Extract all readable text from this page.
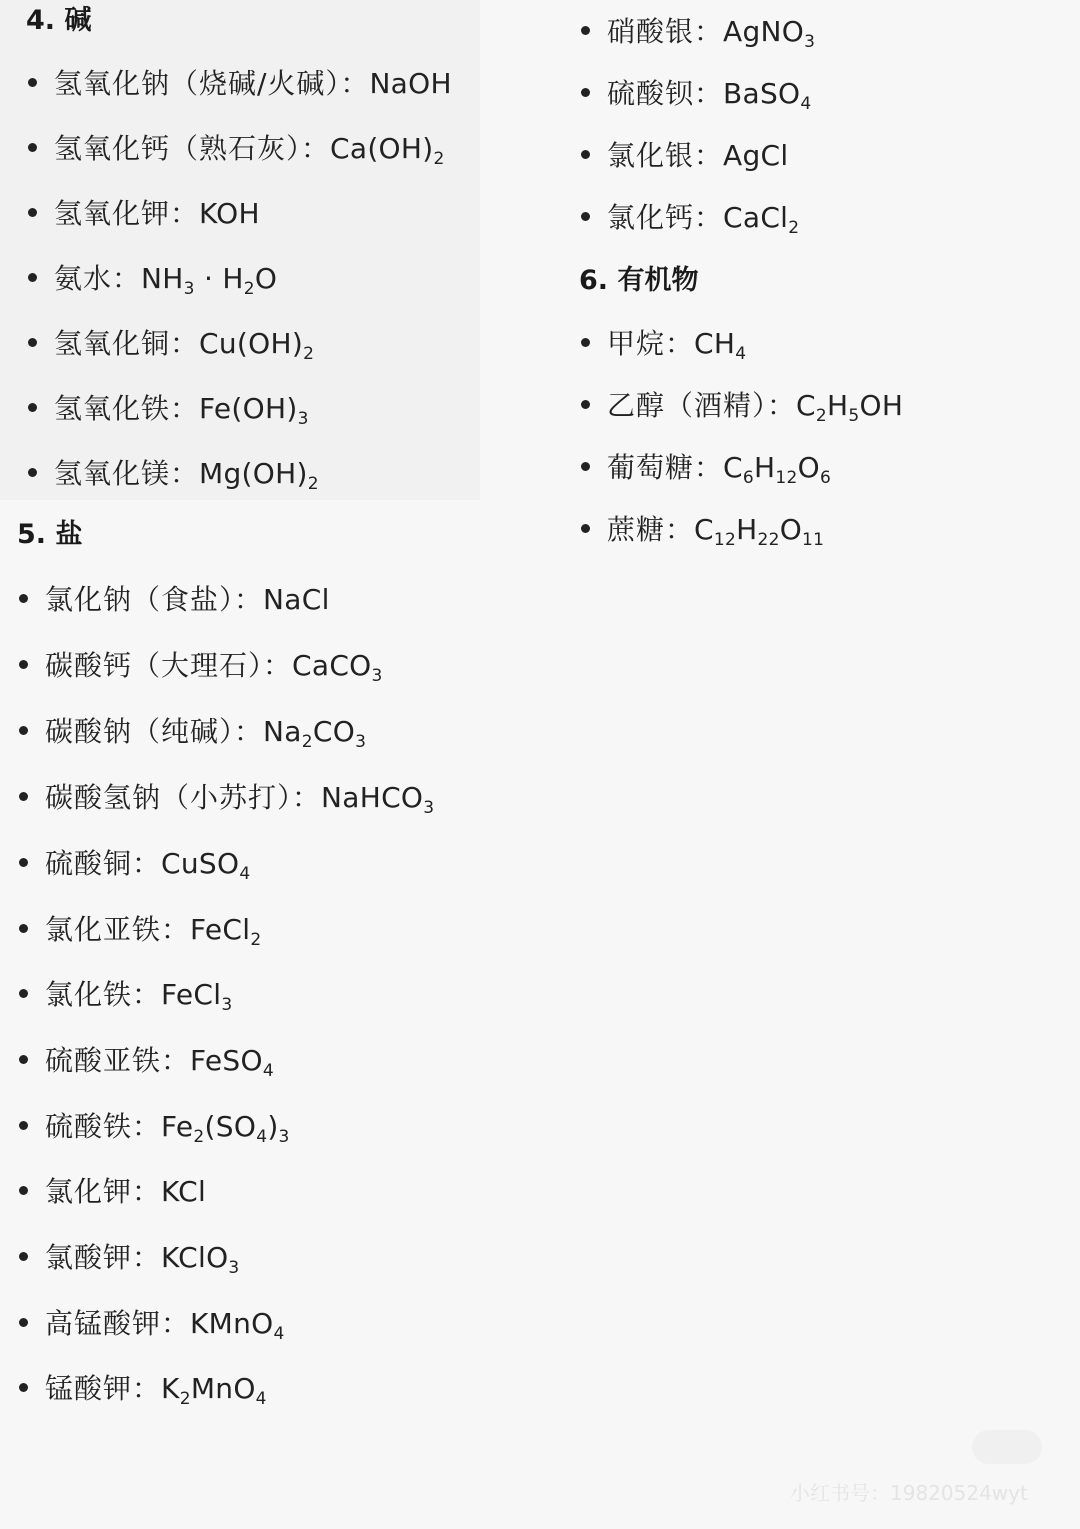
4. 碱
氢氧化钠（烧碱/火碱）：NaOH
氢氧化钙（熟石灰）：$Ca(OH)_2$
氢氧化钾：KOH
氨水：$NH_3 \cdot H_2O$
氢氧化铜：$Cu(OH)_2$
氢氧化铁：$Fe(OH)_3$
氢氧化镁：$Mg(OH)_2$
5. 盐
氯化钠（食盐）：NaCl
碳酸钙（大理石）：CaCO$_3$
碳酸钠（纯碱）：$Na_2CO_3$
碳酸氢钠（小苏打）：NaHCO$_3$
硫酸铜：CuSO$_4$
氯化亚铁：FeCl$_2$
氯化铁：FeCl$_3$
硫酸亚铁：FeSO$_4$
硫酸铁：$Fe_2(SO_4)_3$
氯化钾：KCl
氯酸钾：KClO$_3$
高锰酸钾：KMnO$_4$
锰酸钾：$K_2MnO_4$
硝酸银：AgNO$_3$
硫酸钡：BaSO$_4$
氯化银：AgCl
氯化钙：CaCl$_2$
6. 有机物
甲烷：$CH_4$
乙醇（酒精）：$C_2H_5OH$
葡萄糖：$C_6H_{12}O_6$
蔗糖：$C_{12}H_{22}O_{11}$
小红书号：19820524wyt
